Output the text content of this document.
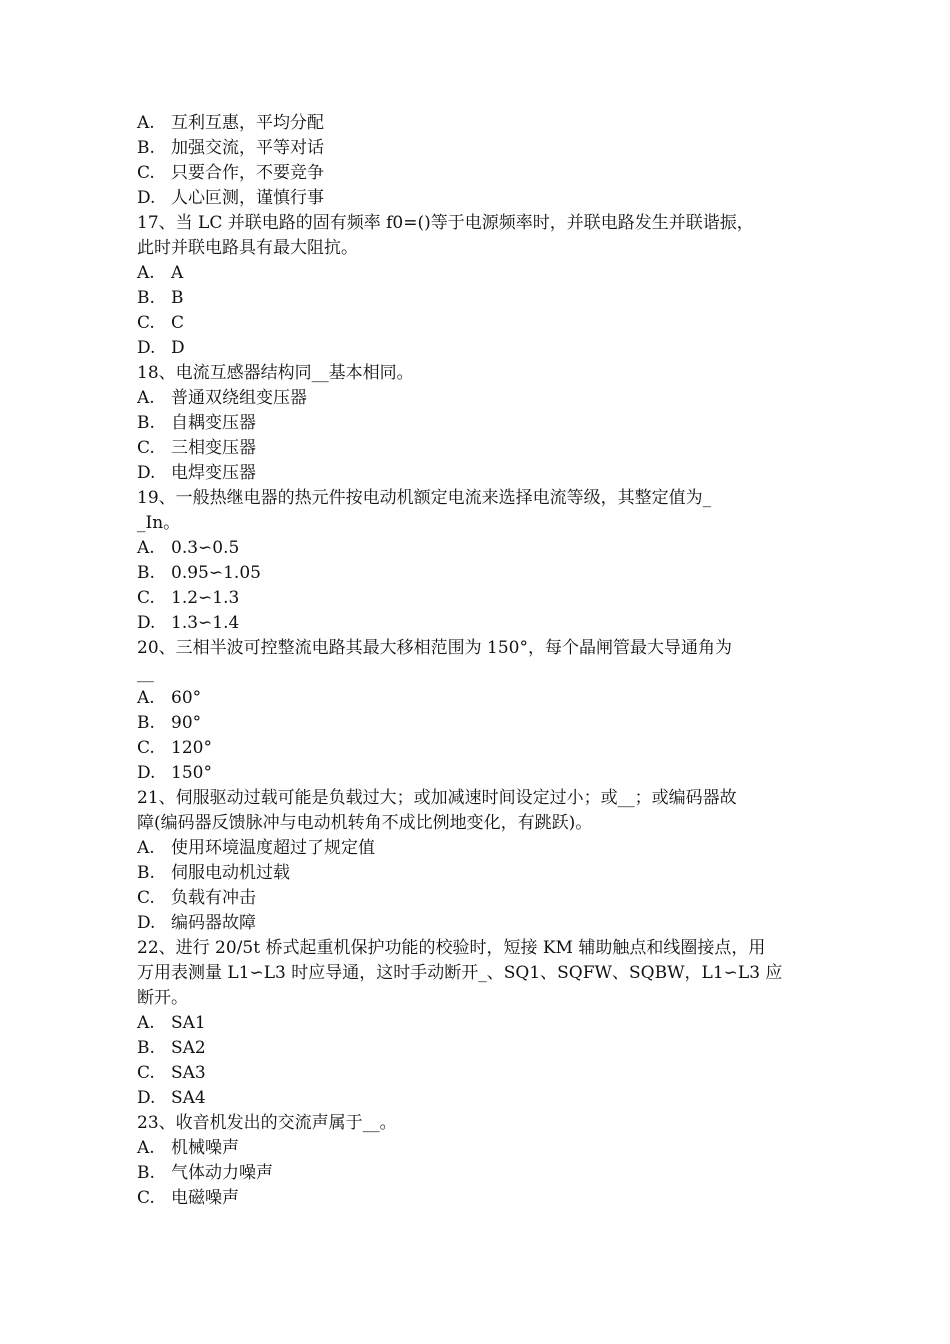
A. 互利互惠，平均分配
B. 加强交流，平等对话
C. 只要合作，不要竞争
D. 人心叵测，谨慎行事
17、当 LC 并联电路的固有频率 f0=()等于电源频率时，并联电路发生并联谐振，
此时并联电路具有最大阻抗。
A. A
B. B
C. C
D. D
18、电流互感器结构同__基本相同。
A. 普通双绕组变压器
B. 自耦变压器
C. 三相变压器
D. 电焊变压器
19、一般热继电器的热元件按电动机额定电流来选择电流等级，其整定值为_
_In。
A. 0.3∽0.5
B. 0.95∽1.05
C. 1.2∽1.3
D. 1.3∽1.4
20、三相半波可控整流电路其最大移相范围为 150°，每个晶闸管最大导通角为
__
A. 60°
B. 90°
C. 120°
D. 150°
21、伺服驱动过载可能是负载过大；或加减速时间设定过小；或__；或编码器故
障(编码器反馈脉冲与电动机转角不成比例地变化，有跳跃)。
A. 使用环境温度超过了规定值
B. 伺服电动机过载
C. 负载有冲击
D. 编码器故障
22、进行 20/5t 桥式起重机保护功能的校验时，短接 KM 辅助触点和线圈接点，用
万用表测量 L1∽L3 时应导通，这时手动断开_、SQ1、SQFW、SQBW，L1∽L3 应
断开。
A. SA1
B. SA2
C. SA3
D. SA4
23、收音机发出的交流声属于__。
A. 机械噪声
B. 气体动力噪声
C. 电磁噪声
